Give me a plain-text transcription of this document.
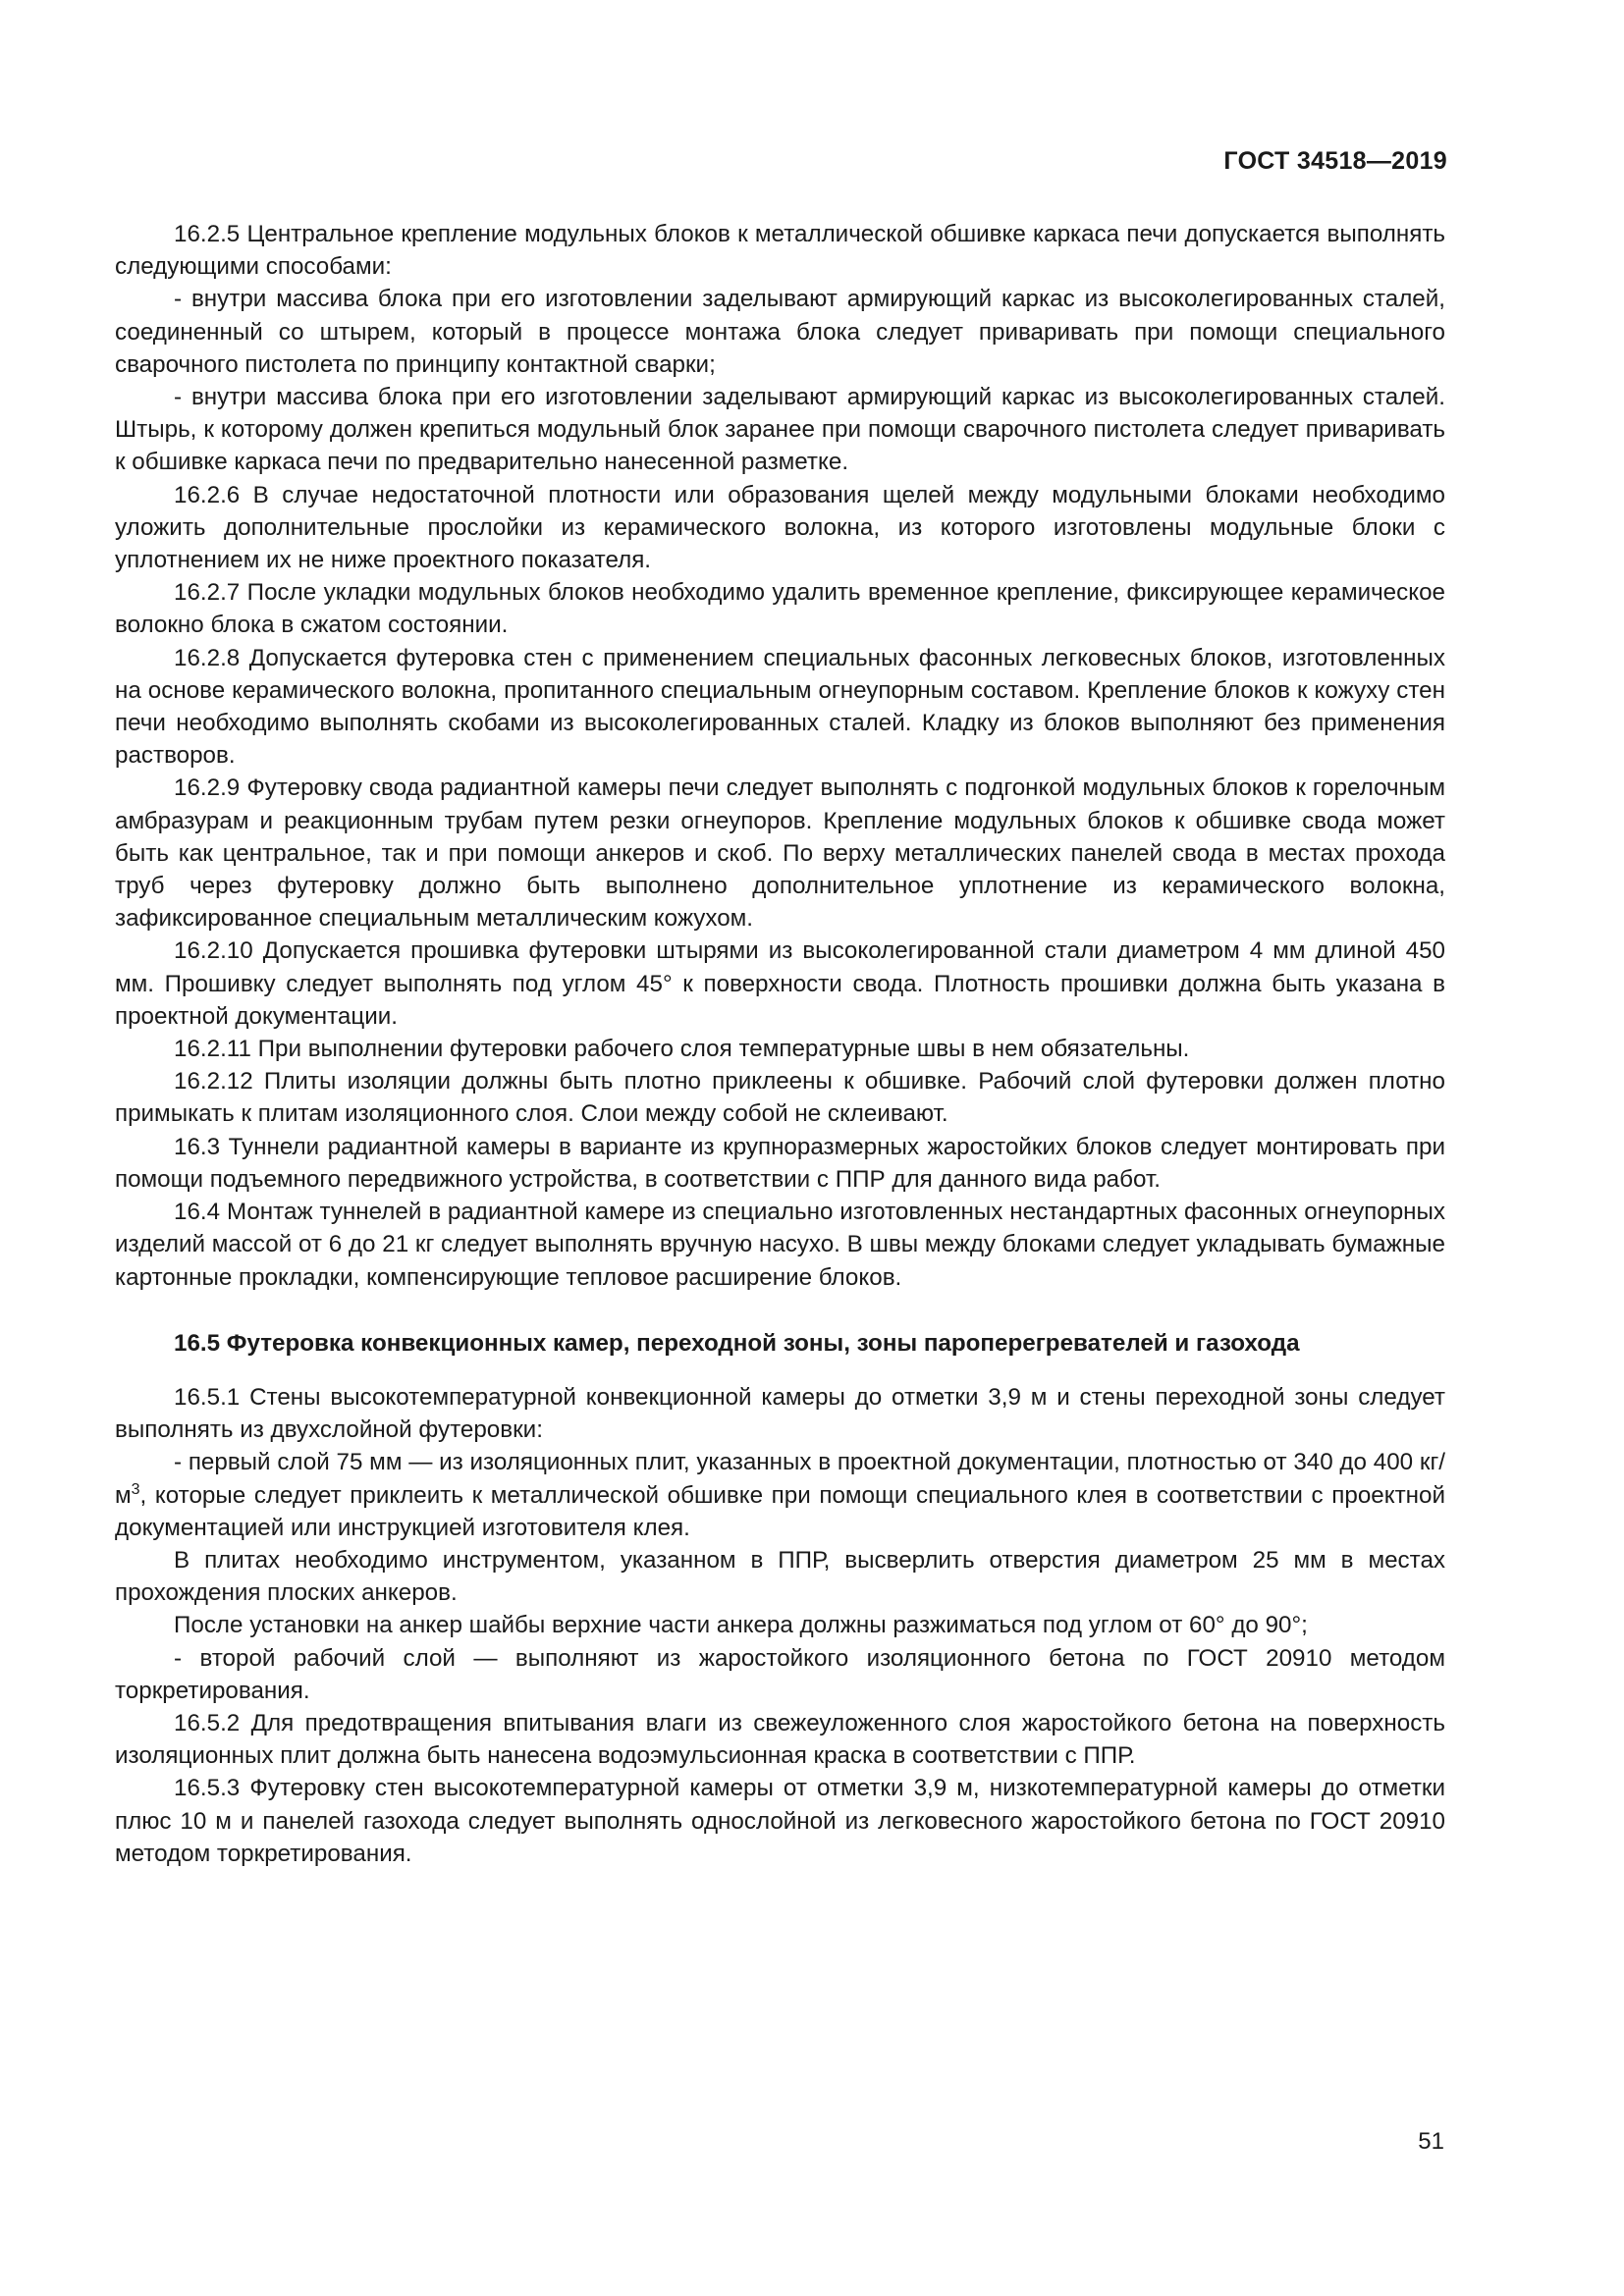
ГОСТ 34518—2019

16.2.5 Центральное крепление модульных блоков к металлической обшивке каркаса печи допускается выполнять следующими способами:

- внутри массива блока при его изготовлении заделывают армирующий каркас из высоколегированных сталей, соединенный со штырем, который в процессе монтажа блока следует приваривать при помощи специального сварочного пистолета по принципу контактной сварки;

- внутри массива блока при его изготовлении заделывают армирующий каркас из высоколегированных сталей. Штырь, к которому должен крепиться модульный блок заранее при помощи сварочного пистолета следует приваривать к обшивке каркаса печи по предварительно нанесенной разметке.

16.2.6 В случае недостаточной плотности или образования щелей между модульными блоками необходимо уложить дополнительные прослойки из керамического волокна, из которого изготовлены модульные блоки с уплотнением их не ниже проектного показателя.

16.2.7 После укладки модульных блоков необходимо удалить временное крепление, фиксирующее керамическое волокно блока в сжатом состоянии.

16.2.8 Допускается футеровка стен с применением специальных фасонных легковесных блоков, изготовленных на основе керамического волокна, пропитанного специальным огнеупорным составом. Крепление блоков к кожуху стен печи необходимо выполнять скобами из высоколегированных сталей. Кладку из блоков выполняют без применения растворов.

16.2.9 Футеровку свода радиантной камеры печи следует выполнять с подгонкой модульных блоков к горелочным амбразурам и реакционным трубам путем резки огнеупоров. Крепление модульных блоков к обшивке свода может быть как центральное, так и при помощи анкеров и скоб. По верху металлических панелей свода в местах прохода труб через футеровку должно быть выполнено дополнительное уплотнение из керамического волокна, зафиксированное специальным металлическим кожухом.

16.2.10 Допускается прошивка футеровки штырями из высоколегированной стали диаметром 4 мм длиной 450 мм. Прошивку следует выполнять под углом 45° к поверхности свода. Плотность прошивки должна быть указана в проектной документации.

16.2.11 При выполнении футеровки рабочего слоя температурные швы в нем обязательны.

16.2.12 Плиты изоляции должны быть плотно приклеены к обшивке. Рабочий слой футеровки должен плотно примыкать к плитам изоляционного слоя. Слои между собой не склеивают.

16.3 Туннели радиантной камеры в варианте из крупноразмерных жаростойких блоков следует монтировать при помощи подъемного передвижного устройства, в соответствии с ППР для данного вида работ.

16.4 Монтаж туннелей в радиантной камере из специально изготовленных нестандартных фасонных огнеупорных изделий массой от 6 до 21 кг следует выполнять вручную насухо. В швы между блоками следует укладывать бумажные картонные прокладки, компенсирующие тепловое расширение блоков.

16.5 Футеровка конвекционных камер, переходной зоны, зоны пароперегревателей и газохода

16.5.1 Стены высокотемпературной конвекционной камеры до отметки 3,9 м и стены переходной зоны следует выполнять из двухслойной футеровки:

- первый слой 75 мм — из изоляционных плит, указанных в проектной документации, плотностью от 340 до 400 $кг/м^3$, которые следует приклеить к металлической обшивке при помощи специального клея в соответствии с проектной документацией или инструкцией изготовителя клея.

В плитах необходимо инструментом, указанном в ППР, высверлить отверстия диаметром 25 мм в местах прохождения плоских анкеров.

После установки на анкер шайбы верхние части анкера должны разжиматься под углом от 60° до 90°;

- второй рабочий слой — выполняют из жаростойкого изоляционного бетона по ГОСТ 20910 методом торкретирования.

16.5.2 Для предотвращения впитывания влаги из свежеуложенного слоя жаростойкого бетона на поверхность изоляционных плит должна быть нанесена водоэмульсионная краска в соответствии с ППР.

16.5.3 Футеровку стен высокотемпературной камеры от отметки 3,9 м, низкотемпературной камеры до отметки плюс 10 м и панелей газохода следует выполнять однослойной из легковесного жаростойкого бетона по ГОСТ 20910 методом торкретирования.

51
